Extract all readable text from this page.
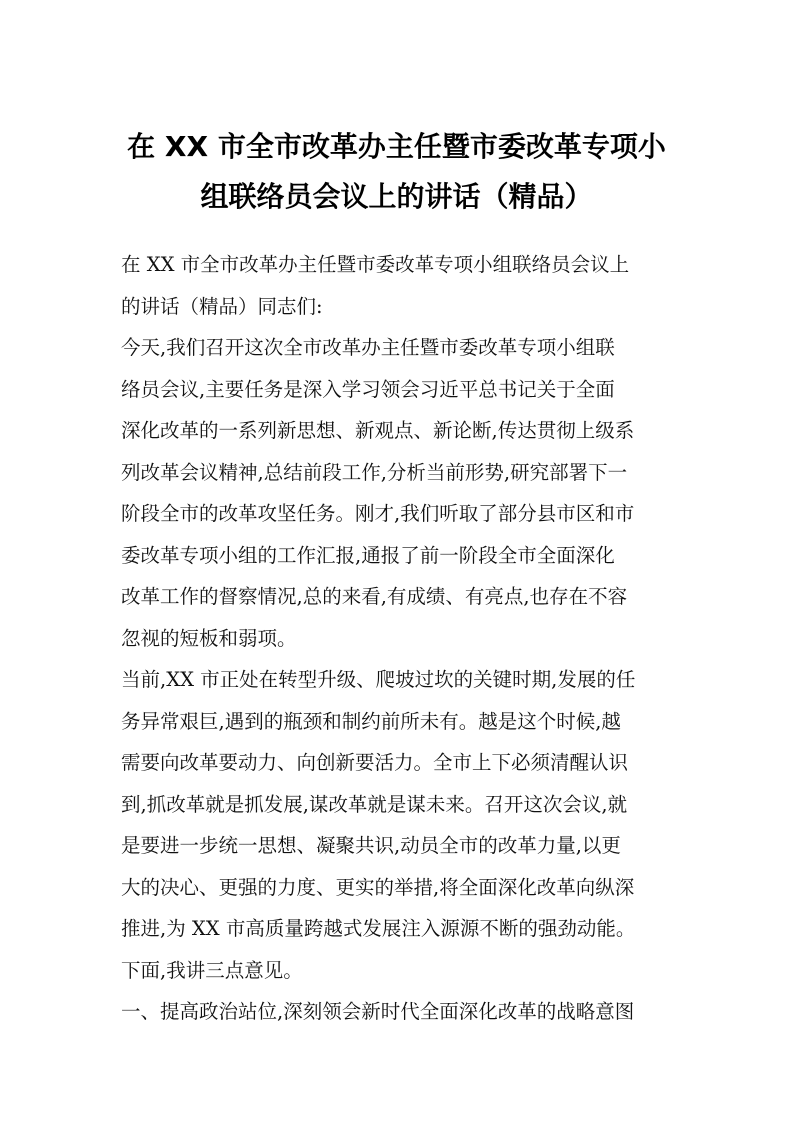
在 XX 市全市改革办主任暨市委改革专项小
组联络员会议上的讲话（精品）
在 XX 市全市改革办主任暨市委改革专项小组联络员会议上
的讲话（精品）同志们:
今天,我们召开这次全市改革办主任暨市委改革专项小组联
络员会议,主要任务是深入学习领会习近平总书记关于全面
深化改革的一系列新思想、新观点、新论断,传达贯彻上级系
列改革会议精神,总结前段工作,分析当前形势,研究部署下一
阶段全市的改革攻坚任务。刚才,我们听取了部分县市区和市
委改革专项小组的工作汇报,通报了前一阶段全市全面深化
改革工作的督察情况,总的来看,有成绩、有亮点,也存在不容
忽视的短板和弱项。
当前,XX 市正处在转型升级、爬坡过坎的关键时期,发展的任
务异常艰巨,遇到的瓶颈和制约前所未有。越是这个时候,越
需要向改革要动力、向创新要活力。全市上下必须清醒认识
到,抓改革就是抓发展,谋改革就是谋未来。召开这次会议,就
是要进一步统一思想、凝聚共识,动员全市的改革力量,以更
大的决心、更强的力度、更实的举措,将全面深化改革向纵深
推进,为 XX 市高质量跨越式发展注入源源不断的强劲动能。
下面,我讲三点意见。
一、提高政治站位,深刻领会新时代全面深化改革的战略意图
